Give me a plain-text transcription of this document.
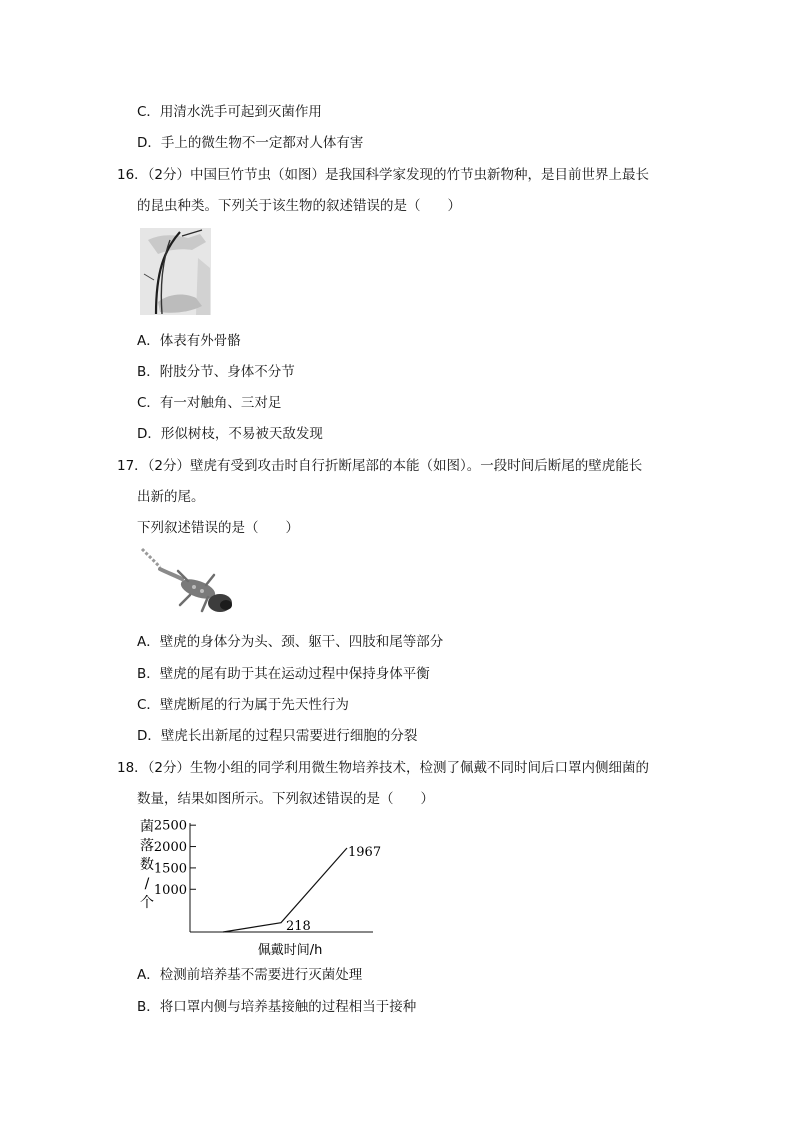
C．用清水洗手可起到灭菌作用
D．手上的微生物不一定都对人体有害
16．（2分）中国巨竹节虫（如图）是我国科学家发现的竹节虫新物种，是目前世界上最长
的昆虫种类。下列关于该生物的叙述错误的是（　　）
A．体表有外骨骼
B．附肢分节、身体不分节
C．有一对触角、三对足
D．形似树枝，不易被天敌发现
17．（2分）壁虎有受到攻击时自行折断尾部的本能（如图）。一段时间后断尾的壁虎能长
出新的尾。
下列叙述错误的是（　　）
A．壁虎的身体分为头、颈、躯干、四肢和尾等部分
B．壁虎的尾有助于其在运动过程中保持身体平衡
C．壁虎断尾的行为属于先天性行为
D．壁虎长出新尾的过程只需要进行细胞的分裂
18．（2分）生物小组的同学利用微生物培养技术，检测了佩戴不同时间后口罩内侧细菌的
数量，结果如图所示。下列叙述错误的是（　　）
菌
落
数
/
个
2500
2000
1500
1000
218
1967
佩戴时间/h
A．检测前培养基不需要进行灭菌处理
B．将口罩内侧与培养基接触的过程相当于接种
